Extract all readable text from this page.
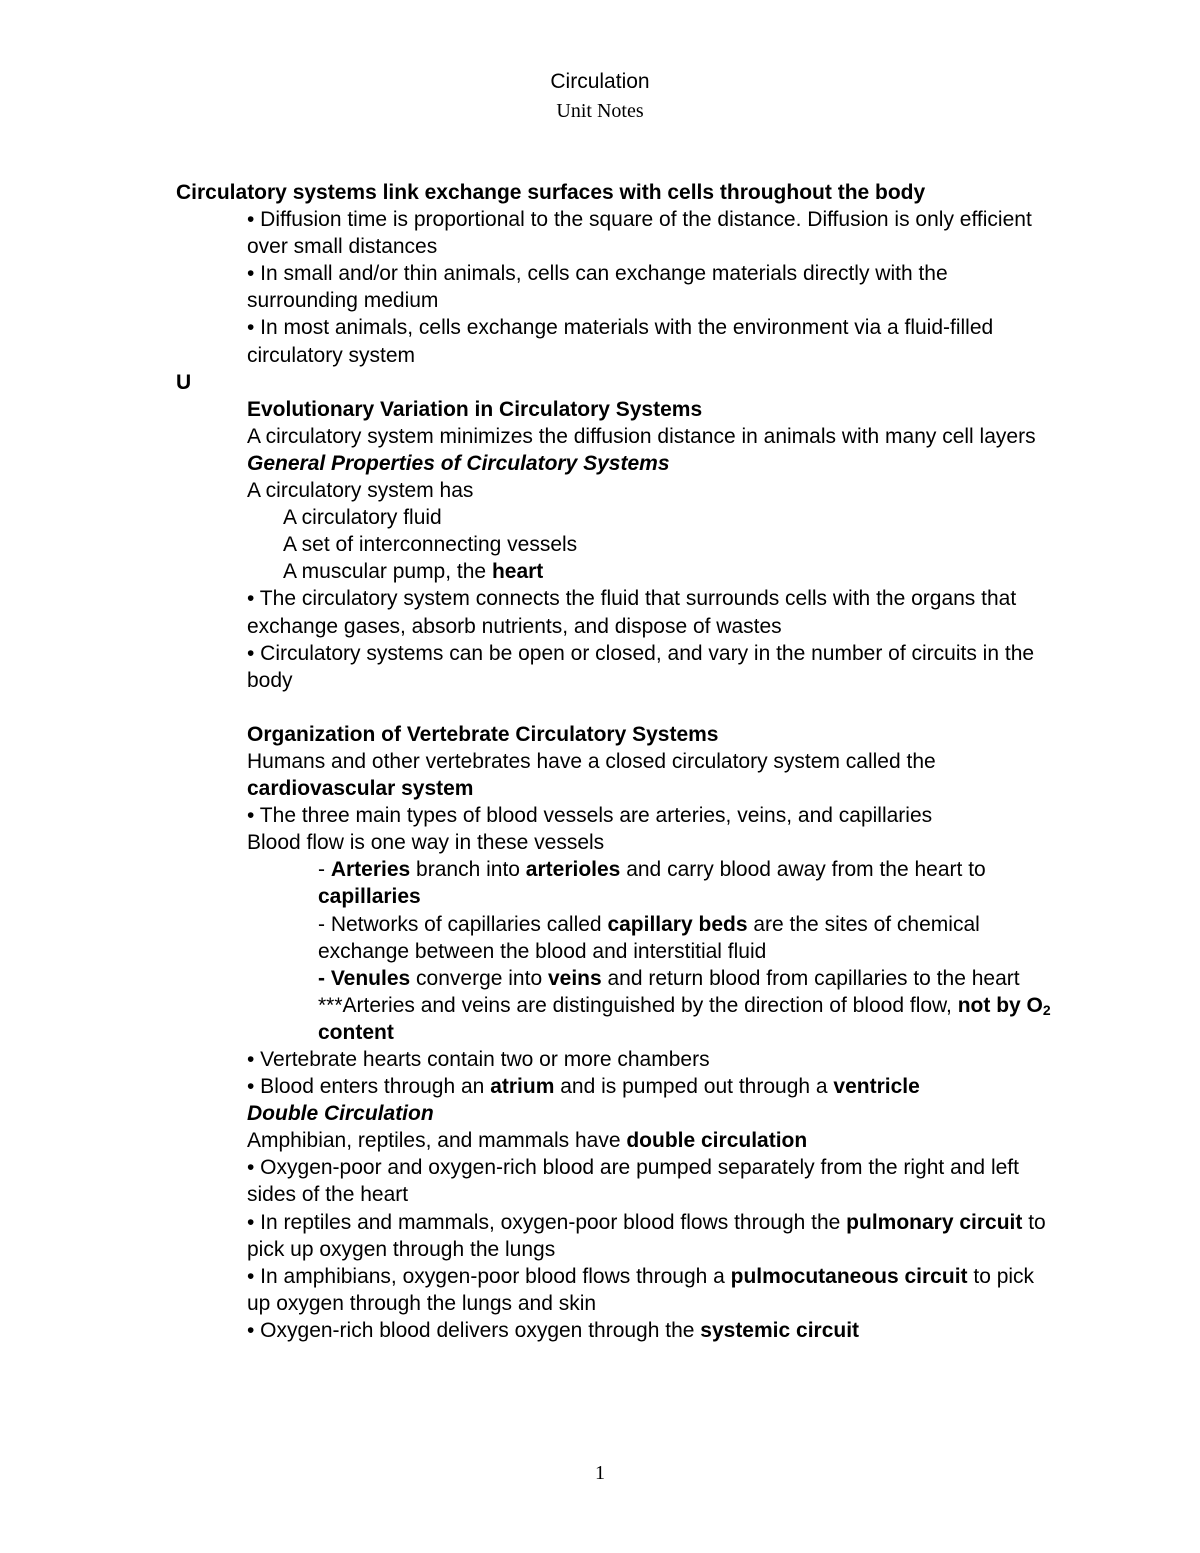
Circulation
Unit Notes

Circulatory systems link exchange surfaces with cells throughout the body

• Diffusion time is proportional to the square of the distance. Diffusion is only efficient over small distances

• In small and/or thin animals, cells can exchange materials directly with the surrounding medium

• In most animals, cells exchange materials with the environment via a fluid-filled circulatory system

U

Evolutionary Variation in Circulatory Systems

A circulatory system minimizes the diffusion distance in animals with many cell layers

General Properties of Circulatory Systems

A circulatory system has

A circulatory fluid

A set of interconnecting vessels

A muscular pump, the heart

• The circulatory system connects the fluid that surrounds cells with the organs that exchange gases, absorb nutrients, and dispose of wastes

• Circulatory systems can be open or closed, and vary in the number of circuits in the body

Organization of Vertebrate Circulatory Systems

Humans and other vertebrates have a closed circulatory system called the cardiovascular system

• The three main types of blood vessels are arteries, veins, and capillaries

Blood flow is one way in these vessels

- Arteries branch into arterioles and carry blood away from the heart to capillaries

- Networks of capillaries called capillary beds are the sites of chemical exchange between the blood and interstitial fluid

- Venules converge into veins and return blood from capillaries to the heart

***Arteries and veins are distinguished by the direction of blood flow, not by $O_2$ content

• Vertebrate hearts contain two or more chambers

• Blood enters through an atrium and is pumped out through a ventricle

Double Circulation

Amphibian, reptiles, and mammals have double circulation

• Oxygen-poor and oxygen-rich blood are pumped separately from the right and left sides of the heart

• In reptiles and mammals, oxygen-poor blood flows through the pulmonary circuit to pick up oxygen through the lungs

• In amphibians, oxygen-poor blood flows through a pulmocutaneous circuit to pick up oxygen through the lungs and skin

• Oxygen-rich blood delivers oxygen through the systemic circuit

1
